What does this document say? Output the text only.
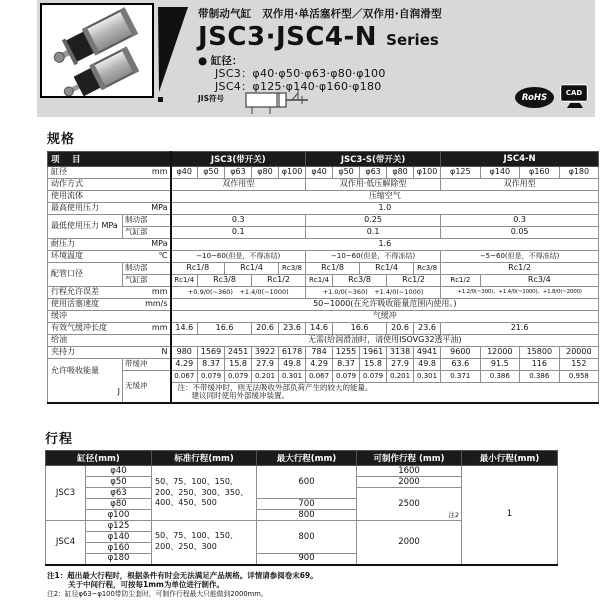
带制动气缸　双作用·单活塞杆型／双作用·自润滑型
JSC3·JSC4-N Series
● 缸径：
JSC3：φ40·φ50·φ63·φ80·φ100
JSC4：φ125·φ140·φ160·φ180
JIS符号	RoHS	CAD
规格
项　目		JSC3(带开关)					JSC3-S(带开关)					JSC4-N			

缸径 mm		φ40	φ50	φ63	φ80	φ100	φ40	φ50	φ63	φ80	φ100	φ125	φ140	φ160	φ180
动作方式		双作用型					双作用·低压解除型					双作用型			
使用流体		压缩空气													

最高使用压力 MPa		1.0													
最低使用压力 MPa	制动部	0.3					0.25					0.3			
	气缸部	0.1					0.1					0.05			

耐压力 MPa		1.6													

环境温度 ℃		−10~60(但是，不得冻结)					−10~60(但是，不得冻结)					−5~60(但是，不得冻结)			
配管口径	制动部	Rc1/8		Rc1/4		Rc3/8	Rc1/8		Rc1/4		Rc3/8	Rc1/2			
	气缸部	Rc1/4	Rc3/8		Rc1/2		Rc1/4	Rc3/8		Rc1/2		Rc1/2	Rc3/4		

行程允许误差 mm		+0.9/0(~360)　+1.4/0(~1000)					+1.0/0(~360)　+1.4/0(~1000)					+1.2/0(~300)、+1.4/0(~1000)、+1.8/0(~2000)			

使用活塞速度 mm/s		50~1000(在允许吸收能量范围内使用。)													
缓冲		气缓冲													

有效气缓冲长度 mm		14.6	16.6		20.6	23.6	14.6	16.6		20.6	23.6	21.6			
给油		无需(给润滑油时，请使用ISOVG32透平油)													

夹持力 N		980	1569	2451	3922	6178	784	1255	1961	3138	4941	9600	12000	15800	20000

允许吸收能量
J	带缓冲	4.29	8.37	15.8	27.9	49.8	4.29	8.37	15.8	27.9	49.8	63.6	91.5	116	152
	无缓冲	0.067	0.079	0.079	0.201	0.301	0.067	0.079	0.079	0.201	0.301	0.371	0.386	0.386	0.958

		注：不带缓冲时，则无法吸收外部负荷产生的较大的能量。
建议同时使用外部缓冲装置。													
行程
缸径(mm)		标准行程(mm)	最大行程(mm)	可制作行程 (mm)	最小行程(mm)
JSC3	φ40	50、75、100、150、200、250、300、350、400、450、500	600	1600	1
	φ50			2000	
	φ63			2500
注2	

	φ80		700		
	φ100		800		
JSC4	φ125	50、75、100、150、200、250、300	800	2000	
	φ140				
	φ160				
	φ180		900		
注1：超出最大行程时，根据条件有时会无法满足产品规格。详情请参阅卷末69。
关于中间行程，可按每1mm为单位进行制作。
注2：缸径φ63~φ100带防尘套时，可制作行程最大只能做到2000mm。
